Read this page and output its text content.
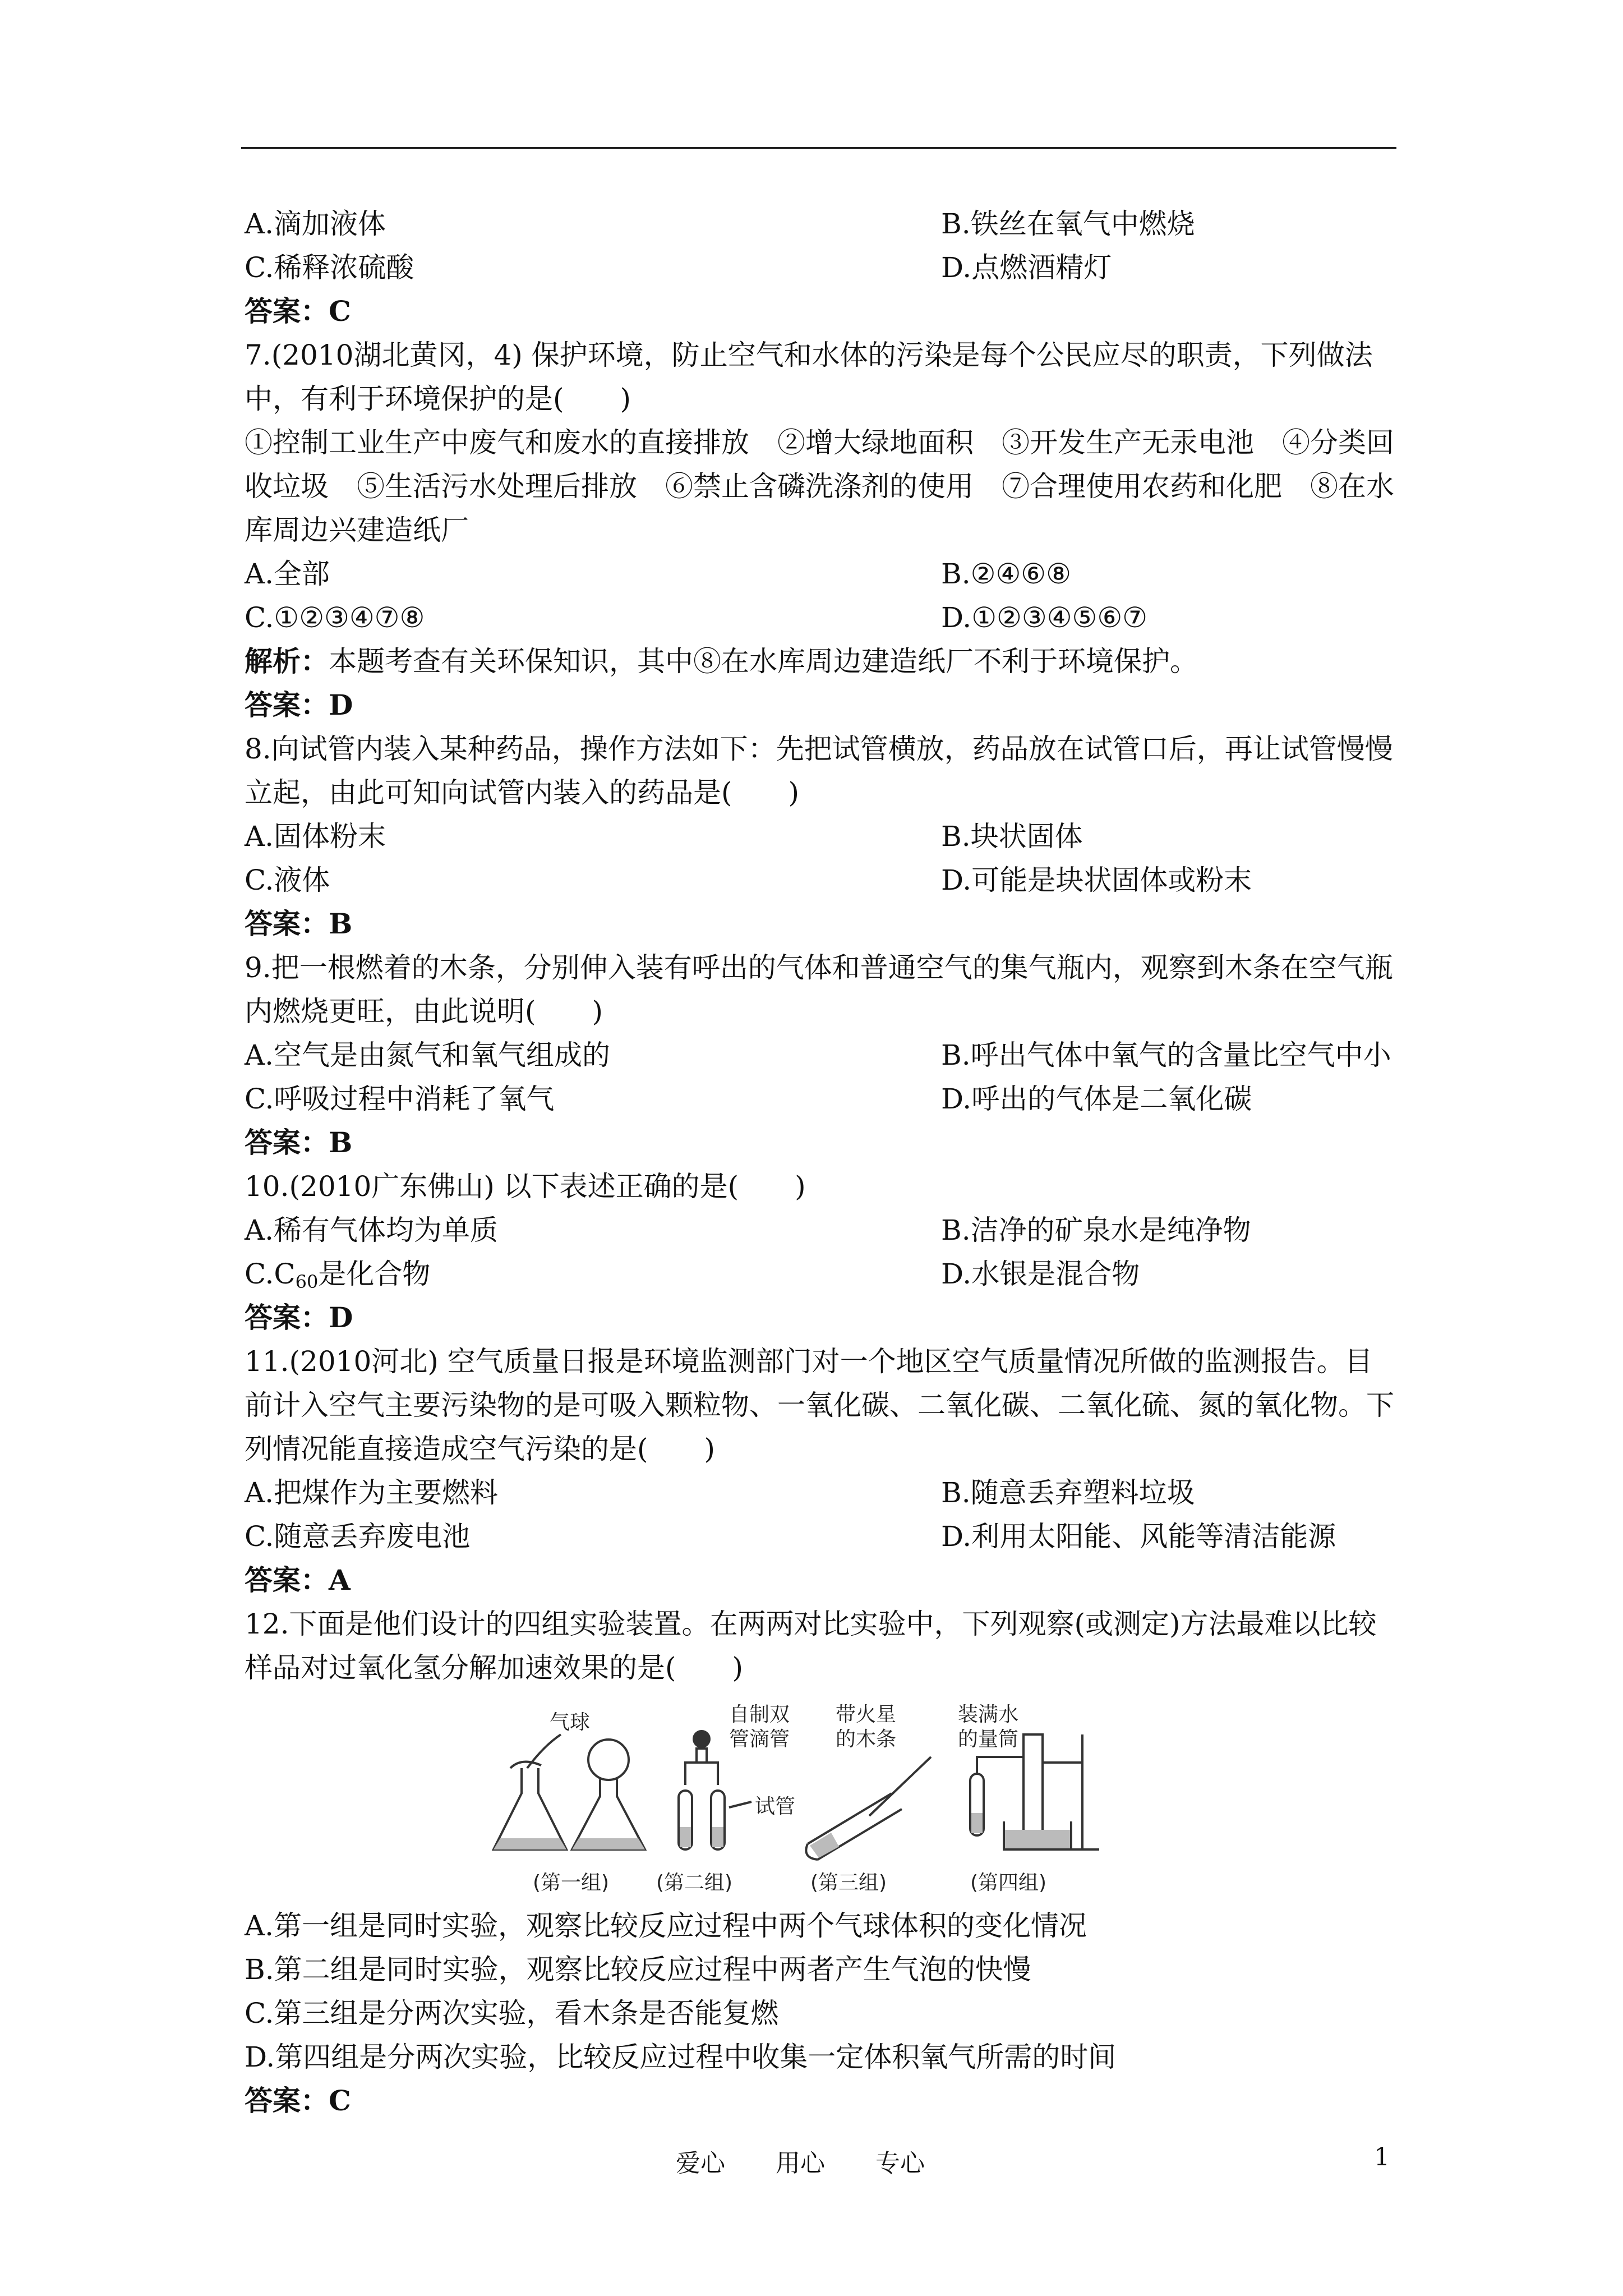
A.滴加液体	B.铁丝在氧气中燃烧
C.稀释浓硫酸	D.点燃酒精灯
答案：C
7.(2010湖北黄冈，4) 保护环境，防止空气和水体的污染是每个公民应尽的职责，下列做法中，有利于环境保护的是(　　)
①控制工业生产中废气和废水的直接排放　②增大绿地面积　③开发生产无汞电池　④分类回收垃圾　⑤生活污水处理后排放　⑥禁止含磷洗涤剂的使用　⑦合理使用农药和化肥　⑧在水库周边兴建造纸厂
A.全部	B.②④⑥⑧
C.①②③④⑦⑧	D.①②③④⑤⑥⑦
解析：本题考查有关环保知识，其中⑧在水库周边建造纸厂不利于环境保护。
答案：D
8.向试管内装入某种药品，操作方法如下：先把试管横放，药品放在试管口后，再让试管慢慢立起，由此可知向试管内装入的药品是(　　)
A.固体粉末	B.块状固体
C.液体	D.可能是块状固体或粉末
答案：B
9.把一根燃着的木条，分别伸入装有呼出的气体和普通空气的集气瓶内，观察到木条在空气瓶内燃烧更旺，由此说明(　　)
A.空气是由氮气和氧气组成的	B.呼出气体中氧气的含量比空气中小
C.呼吸过程中消耗了氧气	D.呼出的气体是二氧化碳
答案：B
10.(2010广东佛山) 以下表述正确的是(　　)
A.稀有气体均为单质	B.洁净的矿泉水是纯净物
$C.C_{60}$是化合物	D.水银是混合物
答案：D
11.(2010河北) 空气质量日报是环境监测部门对一个地区空气质量情况所做的监测报告。目前计入空气主要污染物的是可吸入颗粒物、一氧化碳、二氧化碳、二氧化硫、氮的氧化物。下列情况能直接造成空气污染的是(　　)
A.把煤作为主要燃料	B.随意丢弃塑料垃圾
C.随意丢弃废电池	D.利用太阳能、风能等清洁能源
答案：A
12.下面是他们设计的四组实验装置。在两两对比实验中，下列观察(或测定)方法最难以比较样品对过氧化氢分解加速效果的是(　　)
气球	自制双
管滴管
试管
带火星
的木条
装满水
的量筒
(第一组) (第二组)	(第三组)	(第四组)
A.第一组是同时实验，观察比较反应过程中两个气球体积的变化情况
B.第二组是同时实验，观察比较反应过程中两者产生气泡的快慢
C.第三组是分两次实验，看木条是否能复燃
D.第四组是分两次实验，比较反应过程中收集一定体积氧气所需的时间
答案：C
爱心 用心 专心	1
